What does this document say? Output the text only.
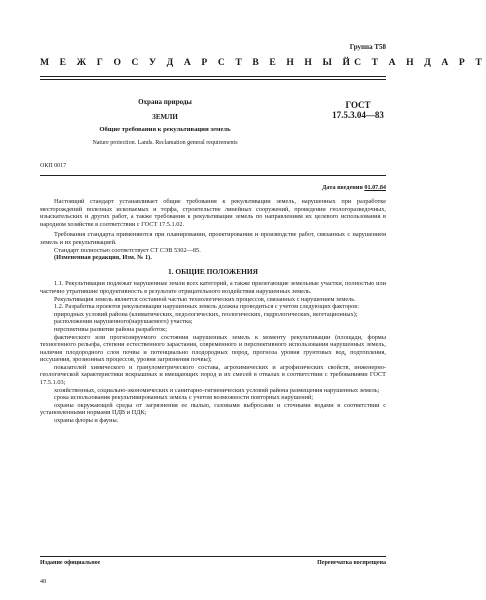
Группа Т58
М Е Ж Г О С У Д А Р С Т В Е Н Н Ы Й С Т А Н Д А Р Т
Охрана природы
ЗЕМЛИ
Общие требования к рекультивации земель
ГОСТ
17.5.3.04—83
Nature protection. Lands. Reclamation general requirements
ОКП 0017
Дата введения 01.07.84

Настоящий стандарт устанавливает общие требования к рекультивации земель, нарушенных при разработке месторождений полезных ископаемых и торфа, строительстве линейных сооружений, проведении геологоразведочных, изыскательских и других работ, а также требования к рекультивации земель по направлениям их целевого использования в народном хозяйстве в соответствии с ГОСТ 17.5.1.02.

Требования стандарта применяются при планировании, проектировании и производстве работ, связанных с нарушением земель и их рекультивацией.

Стандарт полностью соответствует СТ СЭВ 5302—85.

(Измененная редакция, Изм. № 1).

1. ОБЩИЕ ПОЛОЖЕНИЯ

1.1. Рекультивации подлежат нарушенные земли всех категорий, а также прилегающие земельные участки, полностью или частично утратившие продуктивность в результате отрицательного воздействия нарушенных земель.

Рекультивация земель является составной частью технологических процессов, связанных с нарушением земель.

1.2. Разработка проектов рекультивации нарушенных земель должна проводиться с учетом следующих факторов:

природных условий района (климатических, педологических, геологических, гидрологических, вегетационных);

расположения нарушенного(нарушаемого) участка;

перспективы развития района разработок;

фактического или прогнозируемого состояния нарушенных земель к моменту рекультивации (площади, формы техногенного рельефа, степени естественного зарастания, современного и перспективного использования нарушенных земель, наличия плодородного слоя почвы и потенциально плодородных пород, прогноза уровня грунтовых вод, подтопления, иссушения, эрозионных процессов, уровня загрязнения почвы);

показателей химического и гранулометрического состава, агрохимических и агрофизических свойств, инженерно-геологической характеристики вскрышных и вмещающих пород и их смесей в отвалах в соответствии с требованиями ГОСТ 17.5.1.03;

хозяйственных, социально-экономических и санитарно-гигиенических условий района размещения нарушенных земель;

срока использования рекультивированных земель с учетом возможности повторных нарушений;

охраны окружающей среды от загрязнения ее пылью, газовыми выбросами и сточными водами в соответствии с установленными нормами ПДВ и ПДК;

охраны флоры и фауны.

Издание официальное	Перепечатка воспрещена
48
